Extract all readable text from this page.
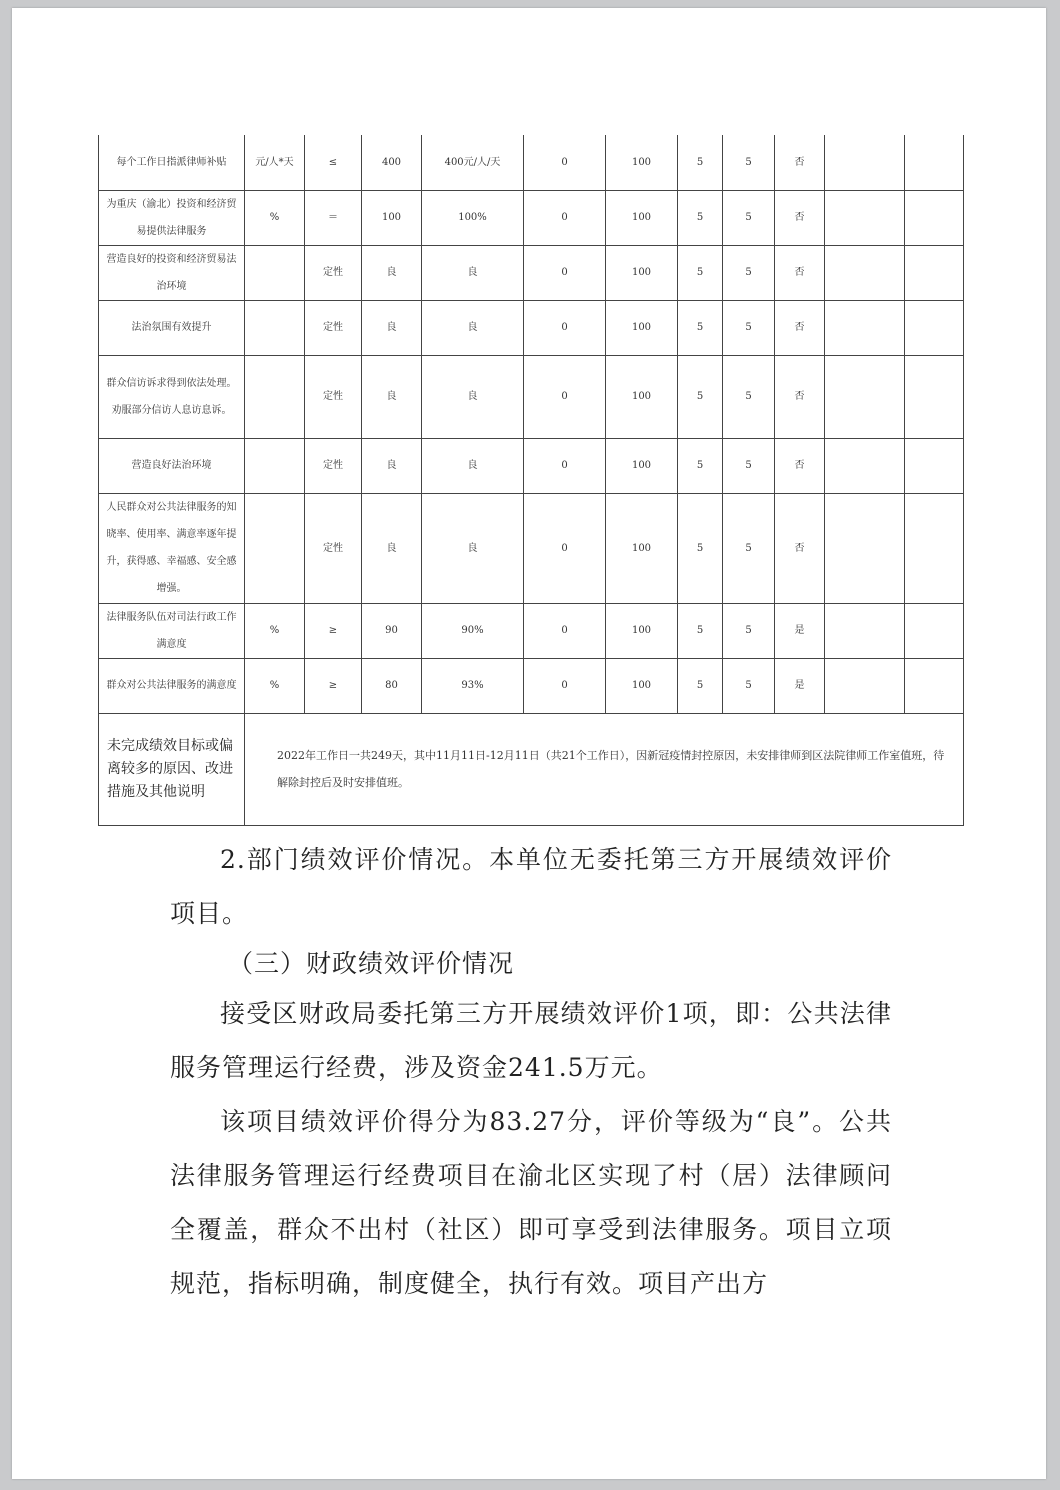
每个工作日指派律师补贴	元/人*天	≤	400	400元/人/天	0	100	5	5	否		
为重庆（渝北）投资和经济贸易提供法律服务	%	＝	100	100%	0	100	5	5	否		
营造良好的投资和经济贸易法治环境		定性	良	良	0	100	5	5	否		
法治氛围有效提升		定性	良	良	0	100	5	5	否		
群众信访诉求得到依法处理。劝服部分信访人息访息诉。		定性	良	良	0	100	5	5	否		
营造良好法治环境		定性	良	良	0	100	5	5	否		
人民群众对公共法律服务的知晓率、使用率、满意率逐年提升，获得感、幸福感、安全感增强。		定性	良	良	0	100	5	5	否		
法律服务队伍对司法行政工作满意度	%	≥	90	90%	0	100	5	5	是		
群众对公共法律服务的满意度	%	≥	80	93%	0	100	5	5	是		
未完成绩效目标或偏离较多的原因、改进措施及其他说明	2022年工作日一共249天，其中11月11日-12月11日（共21个工作日），因新冠疫情封控原因，未安排律师到区法院律师工作室值班，待解除封控后及时安排值班。										

2.部门绩效评价情况。本单位无委托第三方开展绩效评价项目。

（三）财政绩效评价情况

接受区财政局委托第三方开展绩效评价1项，即：公共法律服务管理运行经费，涉及资金241.5万元。

该项目绩效评价得分为83.27分，评价等级为“良”。公共法律服务管理运行经费项目在渝北区实现了村（居）法律顾问全覆盖，群众不出村（社区）即可享受到法律服务。项目立项规范，指标明确，制度健全，执行有效。项目产出方
